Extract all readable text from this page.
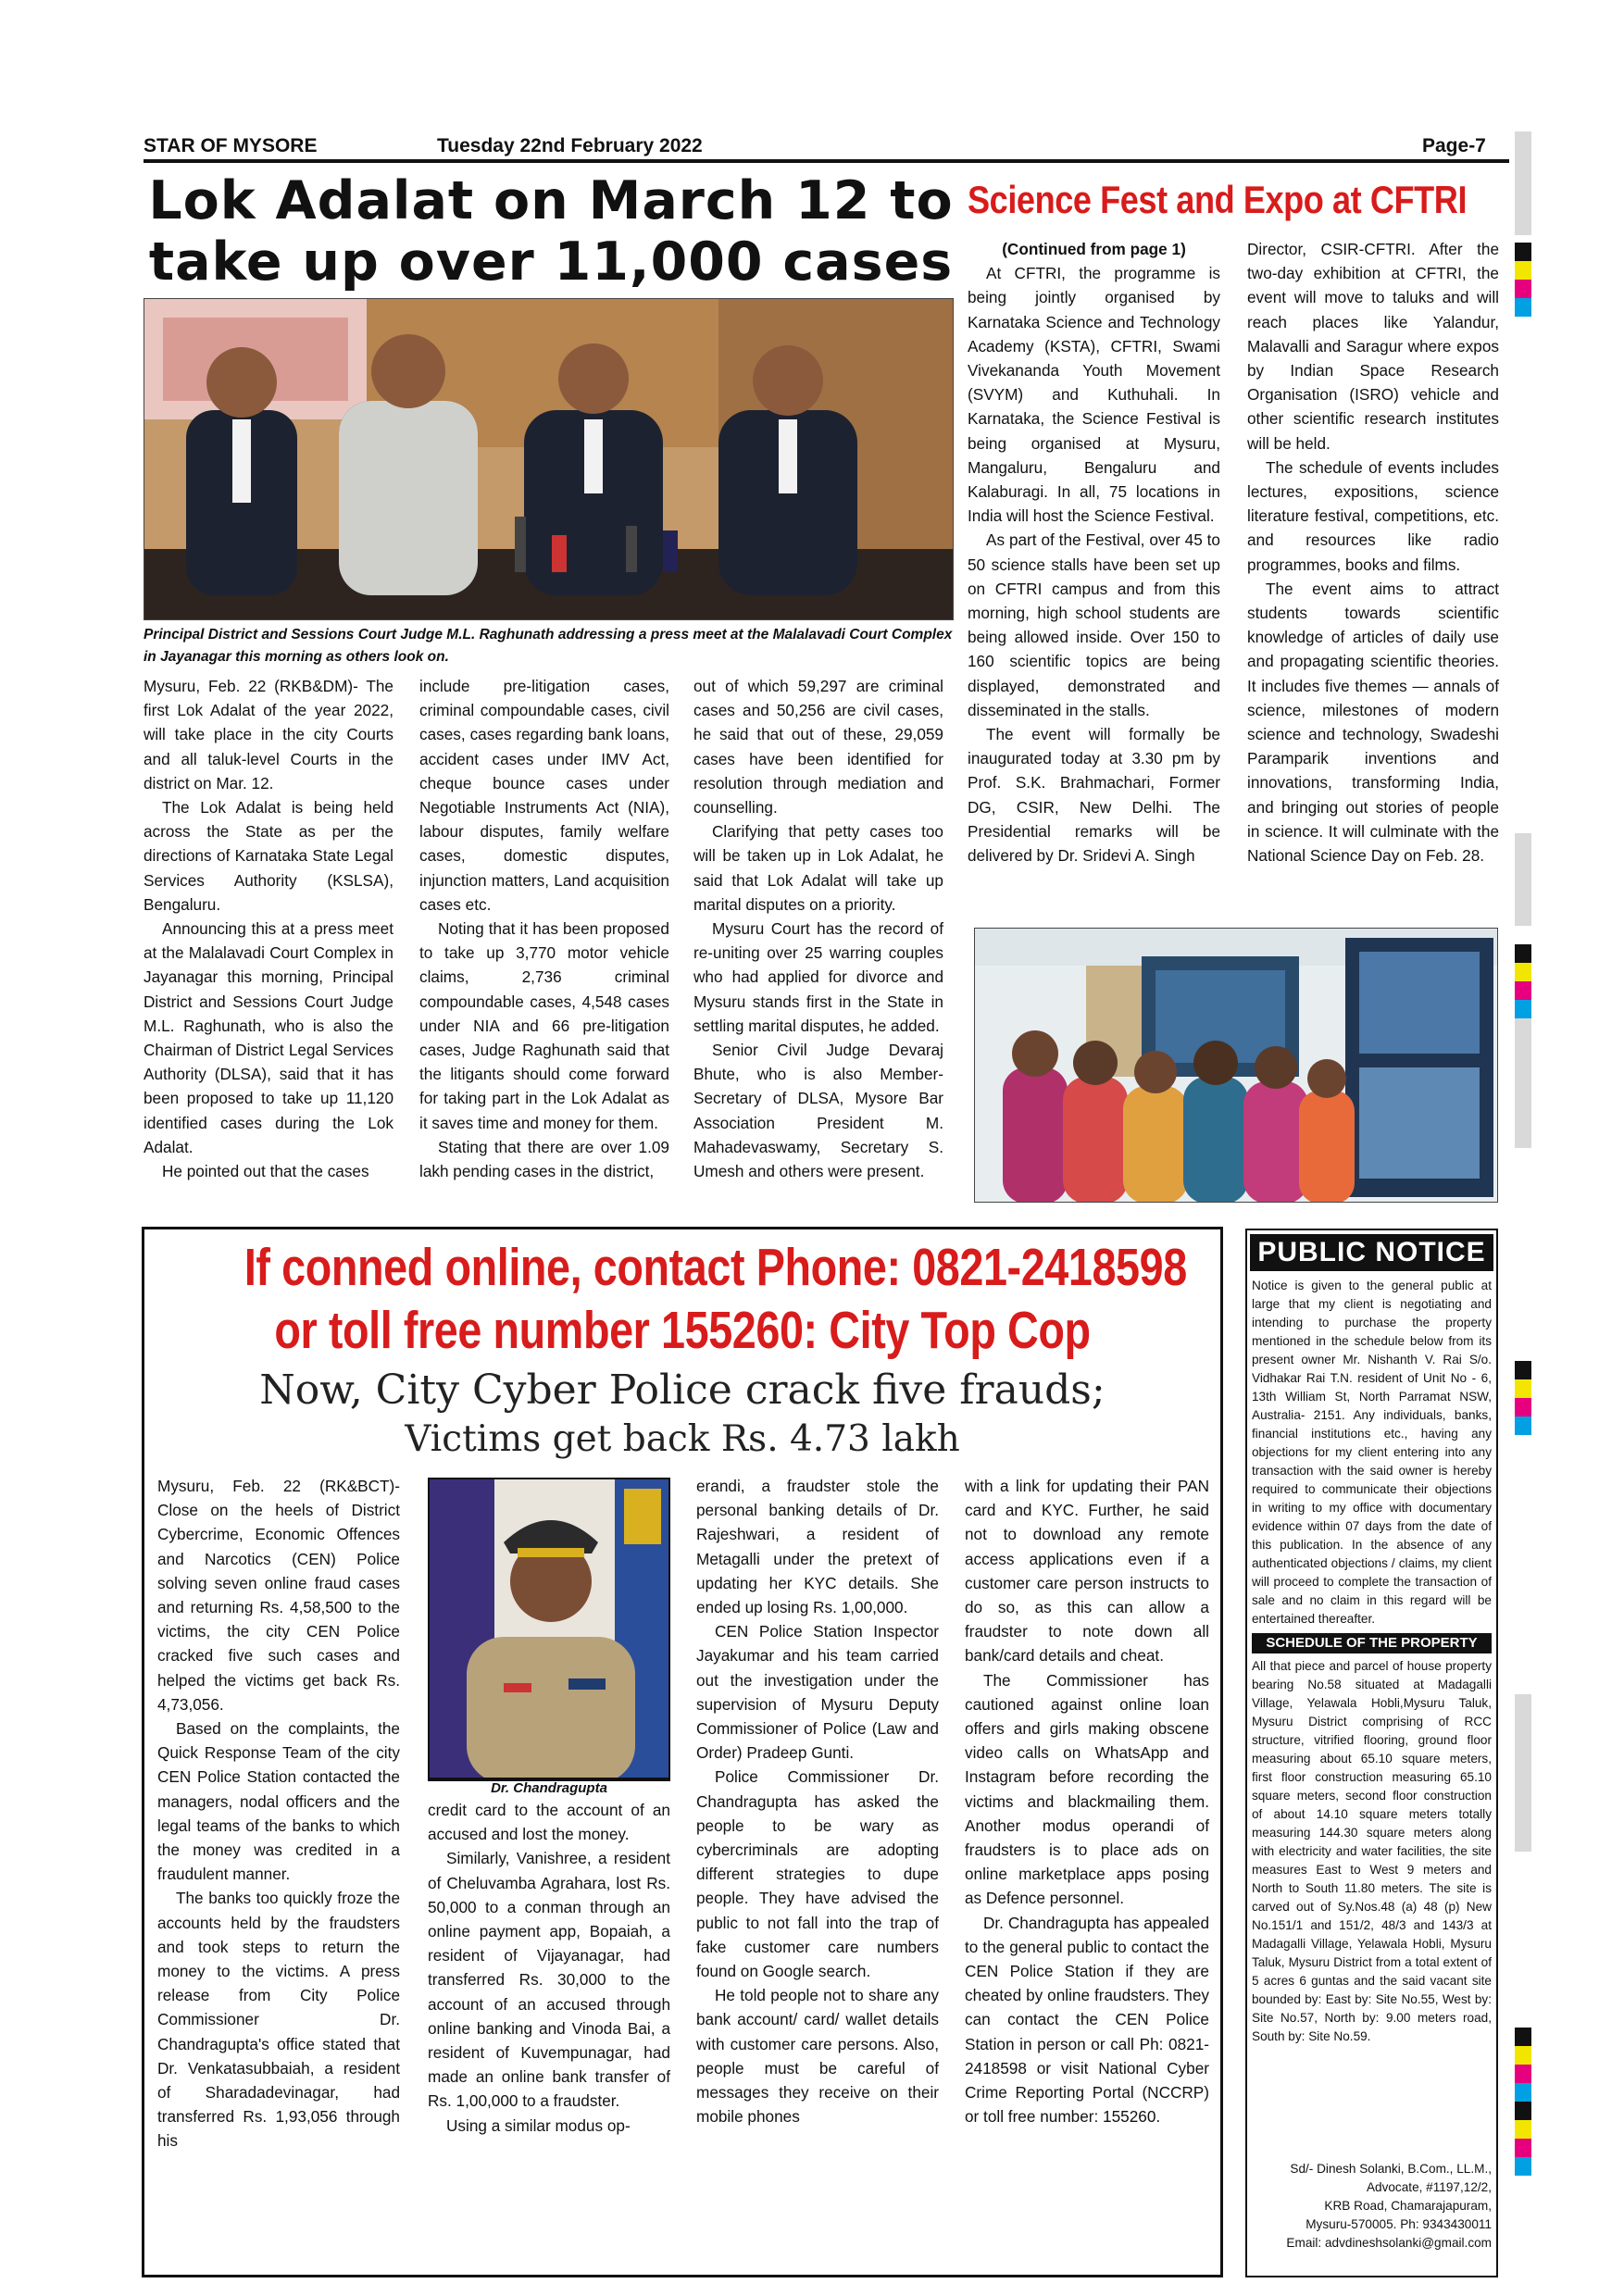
STAR OF MYSORE	Tuesday 22nd February 2022	Page-7
Lok Adalat on March 12 to
take up over 11,000 cases
Principal District and Sessions Court Judge M.L. Raghunath addressing a press meet at the Malalavadi Court Complex in Jayanagar this morning as others look on.

Mysuru, Feb. 22 (RKB&DM)- The first Lok Adalat of the year 2022, will take place in the city Courts and all taluk-level Courts in the district on Mar. 12.

The Lok Adalat is being held across the State as per the directions of Karnataka State Legal Services Authority (KSLSA), Bengaluru.

Announcing this at a press meet at the Malalavadi Court Complex in Jayanagar this morning, Principal District and Sessions Court Judge M.L. Raghunath, who is also the Chairman of District Legal Services Authority (DLSA), said that it has been proposed to take up 11,120 identified cases during the Lok Adalat.

He pointed out that the cases

include pre-litigation cases, criminal compoundable cases, civil cases, cases regarding bank loans, accident cases under IMV Act, cheque bounce cases under Negotiable Instruments Act (NIA), labour disputes, family welfare cases, domestic disputes, injunction matters, Land acquisition cases etc.

Noting that it has been proposed to take up 3,770 motor vehicle claims, 2,736 criminal compoundable cases, 4,548 cases under NIA and 66 pre-litigation cases, Judge Raghunath said that the litigants should come forward for taking part in the Lok Adalat as it saves time and money for them.

Stating that there are over 1.09 lakh pending cases in the district,

out of which 59,297 are criminal cases and 50,256 are civil cases, he said that out of these, 29,059 cases have been identified for resolution through mediation and counselling.

Clarifying that petty cases too will be taken up in Lok Adalat, he said that Lok Adalat will take up marital disputes on a priority.

Mysuru Court has the record of re-uniting over 25 warring couples who had applied for divorce and Mysuru stands first in the State in settling marital disputes, he added.

Senior Civil Judge Devaraj Bhute, who is also Member-Secretary of DLSA, Mysore Bar Association President M. Mahadevaswamy, Secretary S. Umesh and others were present.

Science Fest and Expo at CFTRI

(Continued from page 1)

At CFTRI, the programme is being jointly organised by Karnataka Science and Technology Academy (KSTA), CFTRI, Swami Vivekananda Youth Movement (SVYM) and Kuthuhali. In Karnataka, the Science Festival is being organised at Mysuru, Mangaluru, Bengaluru and Kalaburagi. In all, 75 locations in India will host the Science Festival.

As part of the Festival, over 45 to 50 science stalls have been set up on CFTRI campus and from this morning, high school students are being allowed inside. Over 150 to 160 scientific topics are being displayed, demonstrated and disseminated in the stalls.

The event will formally be inaugurated today at 3.30 pm by Prof. S.K. Brahmachari, Former DG, CSIR, New Delhi. The Presidential remarks will be delivered by Dr. Sridevi A. Singh

Director, CSIR-CFTRI. After the two-day exhibition at CFTRI, the event will move to taluks and will reach places like Yalandur, Malavalli and Saragur where expos by Indian Space Research Organisation (ISRO) vehicle and other scientific research institutes will be held.

The schedule of events includes lectures, expositions, science literature festival, competitions, etc. and resources like radio programmes, books and films.

The event aims to attract students towards scientific knowledge of articles of daily use and propagating scientific theories. It includes five themes — annals of science, milestones of modern science and technology, Swadeshi Paramparik inventions and innovations, transforming India, and bringing out stories of people in science. It will culminate with the National Science Day on Feb. 28.

If conned online, contact Phone: 0821-2418598
or toll free number 155260: City Top Cop
Now, City Cyber Police crack five frauds;
Victims get back Rs. 4.73 lakh

Mysuru, Feb. 22 (RK&BCT)- Close on the heels of District Cybercrime, Economic Offences and Narcotics (CEN) Police solving seven online fraud cases and returning Rs. 4,58,500 to the victims, the city CEN Police cracked five such cases and helped the victims get back Rs. 4,73,056.

Based on the complaints, the Quick Response Team of the city CEN Police Station contacted the managers, nodal officers and the legal teams of the banks to which the money was credited in a fraudulent manner.

The banks too quickly froze the accounts held by the fraudsters and took steps to return the money to the victims. A press release from City Police Commissioner Dr. Chandragupta's office stated that Dr. Venkatasubbaiah, a resident of Sharadadevinagar, had transferred Rs. 1,93,056 through his

Dr. Chandragupta

credit card to the account of an accused and lost the money.

Similarly, Vanishree, a resident of Cheluvamba Agrahara, lost Rs. 50,000 to a conman through an online payment app, Bopaiah, a resident of Vijayanagar, had transferred Rs. 30,000 to the account of an accused through online banking and Vinoda Bai, a resident of Kuvempunagar, had made an online bank transfer of Rs. 1,00,000 to a fraudster.

Using a similar modus op-

erandi, a fraudster stole the personal banking details of Dr. Rajeshwari, a resident of Metagalli under the pretext of updating her KYC details. She ended up losing Rs. 1,00,000.

CEN Police Station Inspector Jayakumar and his team carried out the investigation under the supervision of Mysuru Deputy Commissioner of Police (Law and Order) Pradeep Gunti.

Police Commissioner Dr. Chandragupta has asked the people to be wary as cybercriminals are adopting different strategies to dupe people. They have advised the public to not fall into the trap of fake customer care numbers found on Google search.

He told people not to share any bank account/ card/ wallet details with customer care persons. Also, people must be careful of messages they receive on their mobile phones

with a link for updating their PAN card and KYC. Further, he said not to download any remote access applications even if a customer care person instructs to do so, as this can allow a fraudster to note down all bank/card details and cheat.

The Commissioner has cautioned against online loan offers and girls making obscene video calls on WhatsApp and Instagram before recording the victims and blackmailing them. Another modus operandi of fraudsters is to place ads on online marketplace apps posing as Defence personnel.

Dr. Chandragupta has appealed to the general public to contact the CEN Police Station if they are cheated by online fraudsters. They can contact the CEN Police Station in person or call Ph: 0821-2418598 or visit National Cyber Crime Reporting Portal (NCCRP) or toll free number: 155260.

PUBLIC NOTICE
Notice is given to the general public at large that my client is negotiating and intending to purchase the property mentioned in the schedule below from its present owner Mr. Nishanth V. Rai S/o. Vidhakar Rai T.N. resident of Unit No - 6, 13th William St, North Parramat NSW, Australia- 2151. Any individuals, banks, financial institutions etc., having any objections for my client entering into any transaction with the said owner is hereby required to communicate their objections in writing to my office with documentary evidence within 07 days from the date of this publication. In the absence of any authenticated objections / claims, my client will proceed to complete the transaction of sale and no claim in this regard will be entertained thereafter.
SCHEDULE OF THE PROPERTY
All that piece and parcel of house property bearing No.58 situated at Madagalli Village, Yelawala Hobli,Mysuru Taluk, Mysuru District comprising of RCC structure, vitrified flooring, ground floor measuring about 65.10 square meters, first floor construction measuring 65.10 square meters, second floor construction of about 14.10 square meters totally measuring 144.30 square meters along with electricity and water facilities, the site measures East to West 9 meters and North to South 11.80 meters. The site is carved out of Sy.Nos.48 (a) 48 (p) New No.151/1 and 151/2, 48/3 and 143/3 at Madagalli Village, Yelawala Hobli, Mysuru Taluk, Mysuru District from a total extent of 5 acres 6 guntas and the said vacant site bounded by: East by: Site No.55, West by: Site No.57, North by: 9.00 meters road, South by: Site No.59.
Sd/- Dinesh Solanki, B.Com., LL.M.,
Advocate, #1197,12/2,
KRB Road, Chamarajapuram,
Mysuru-570005. Ph: 9343430011
Email: advdineshsolanki@gmail.com
